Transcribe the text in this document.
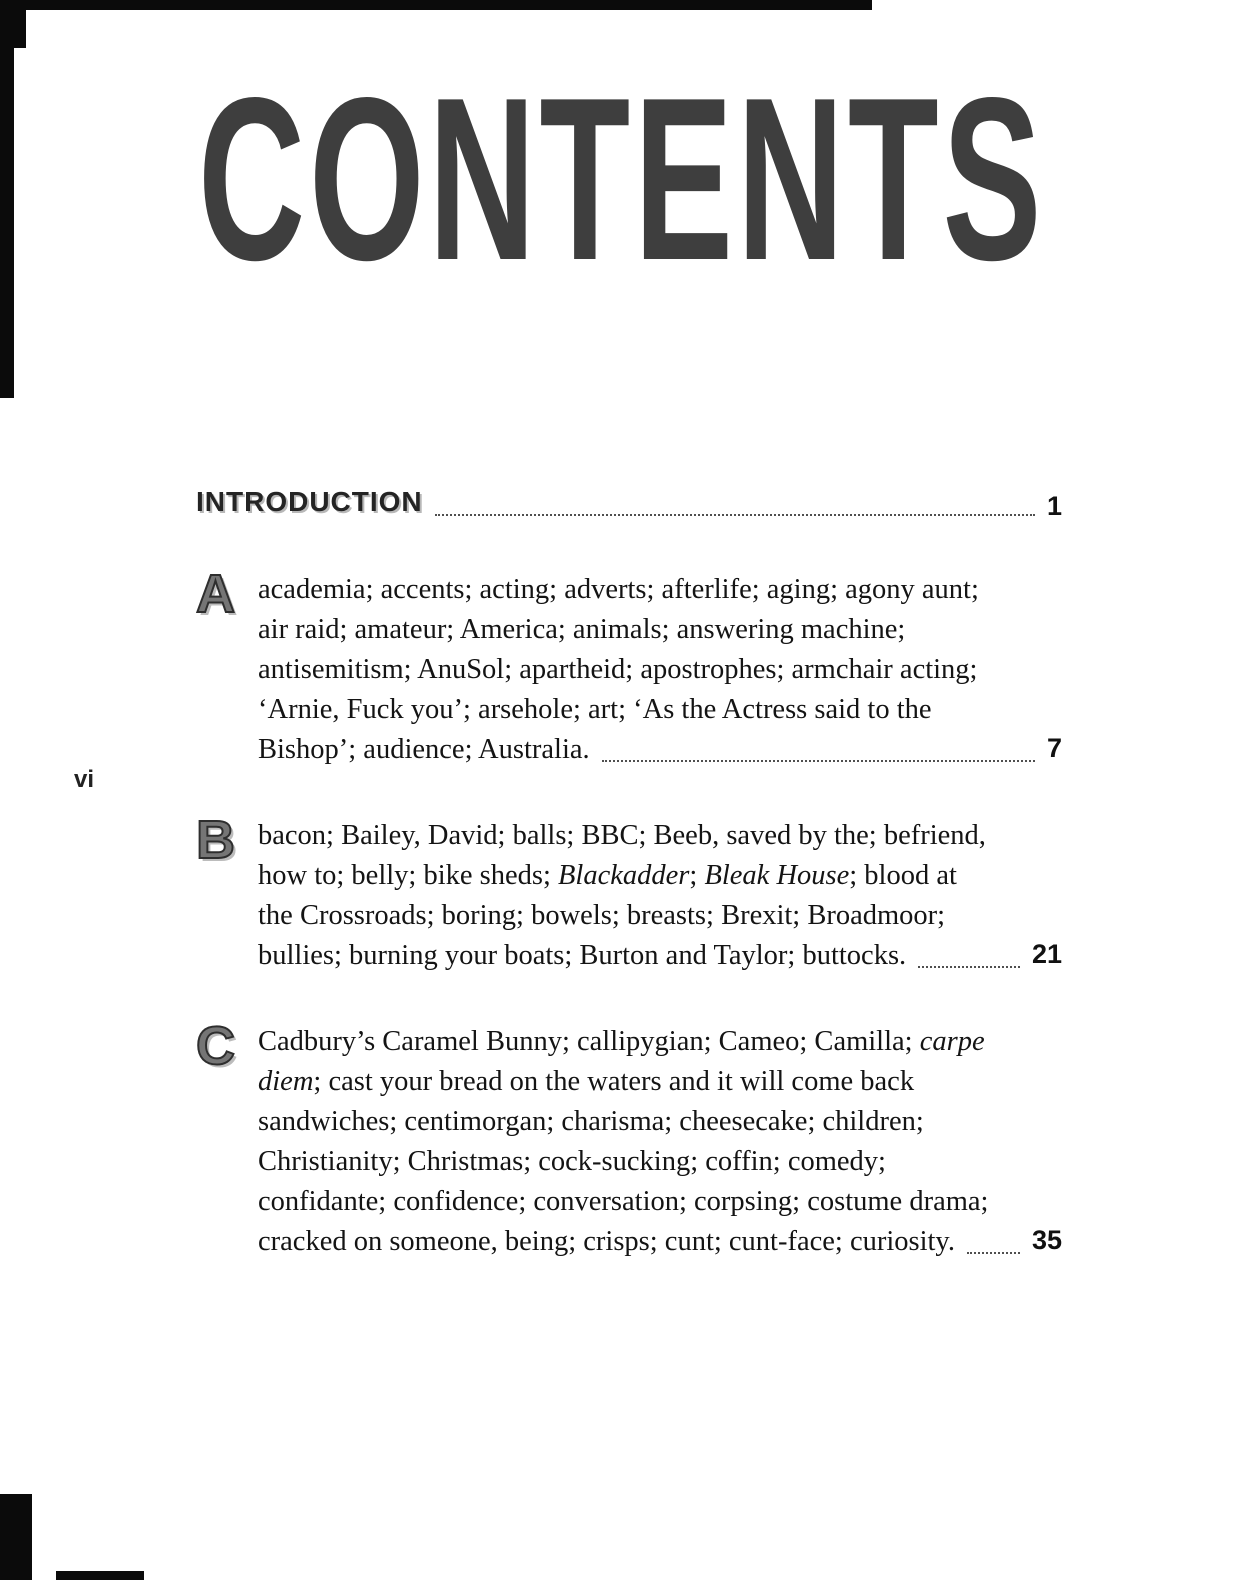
CONTENTS
vi
INTRODUCTION	1
A academia; accents; acting; adverts; afterlife; aging; agony aunt; air raid; amateur; America; animals; answering machine; antisemitism; AnuSol; apartheid; apostrophes; armchair acting; ‘Arnie, Fuck you’; arsehole; art; ‘As the Actress said to the Bishop’; audience; Australia.	7
B bacon; Bailey, David; balls; BBC; Beeb, saved by the; befriend, how to; belly; bike sheds; Blackadder; Bleak House; blood at the Crossroads; boring; bowels; breasts; Brexit; Broadmoor; bullies; burning your boats; Burton and Taylor; buttocks.	21
C Cadbury’s Caramel Bunny; callipygian; Cameo; Camilla; carpe diem; cast your bread on the waters and it will come back sandwiches; centimorgan; charisma; cheesecake; children; Christianity; Christmas; cock-sucking; coffin; comedy; confidante; confidence; conversation; corpsing; costume drama; cracked on someone, being; crisps; cunt; cunt-face; curiosity.	35
